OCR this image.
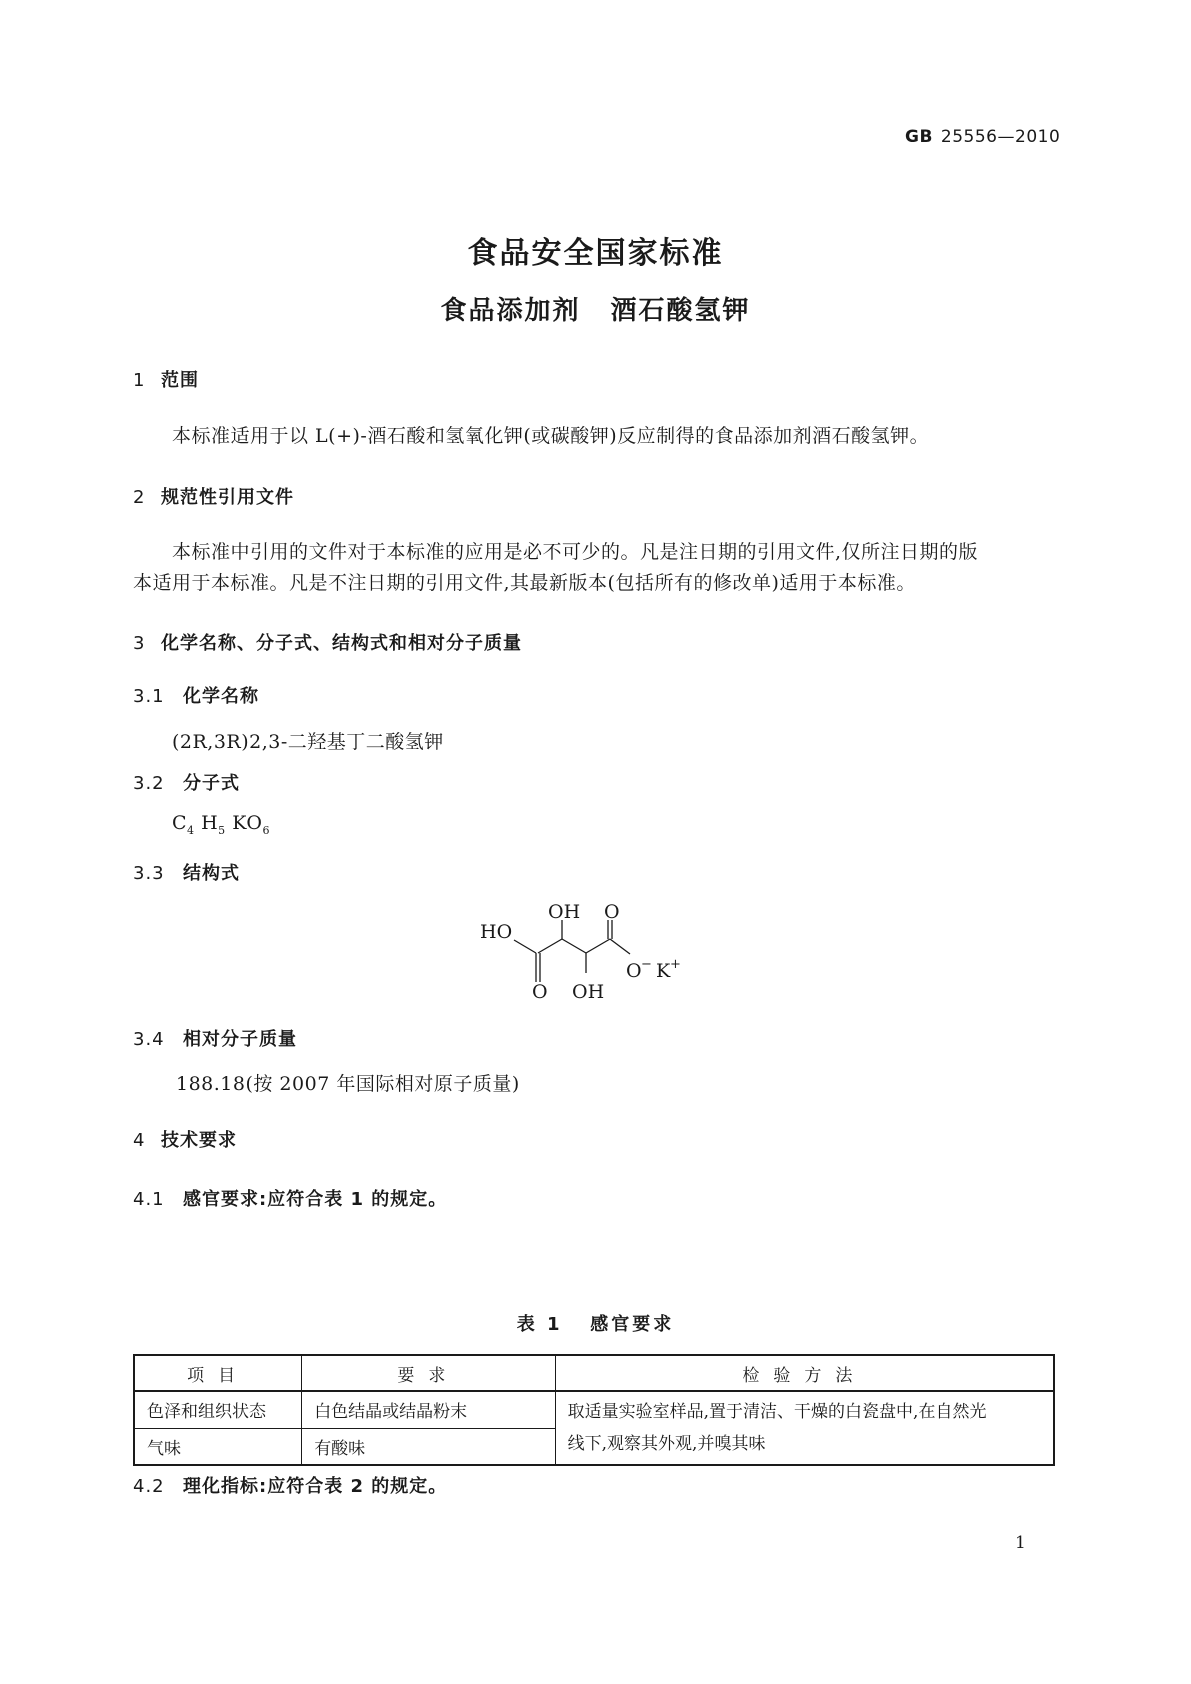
GB 25556—2010
食品安全国家标准
食品添加剂 酒石酸氢钾
1 范围
本标准适用于以 L(+)-酒石酸和氢氧化钾(或碳酸钾)反应制得的食品添加剂酒石酸氢钾。
2 规范性引用文件
本标准中引用的文件对于本标准的应用是必不可少的。凡是注日期的引用文件,仅所注日期的版
本适用于本标准。凡是不注日期的引用文件,其最新版本(包括所有的修改单)适用于本标准。
3 化学名称、分子式、结构式和相对分子质量
3.1 化学名称
(2R,3R)2,3-二羟基丁二酸氢钾
3.2 分子式
$C_4$ $H_5$ $KO_6$
3.3 结构式
OH O
HO
O − K +
O OH
3.4 相对分子质量
188.18(按 2007 年国际相对原子质量)
4 技术要求
4.1 感官要求:应符合表 1 的规定。
表 1   感官要求
项目	要求	检验方法
色泽和组织状态	白色结晶或结晶粉末	取适量实验室样品,置于清洁、干燥的白瓷盘中,在自然光
线下,观察其外观,并嗅其味
气味	有酸味	
4.2 理化指标:应符合表 2 的规定。
1
